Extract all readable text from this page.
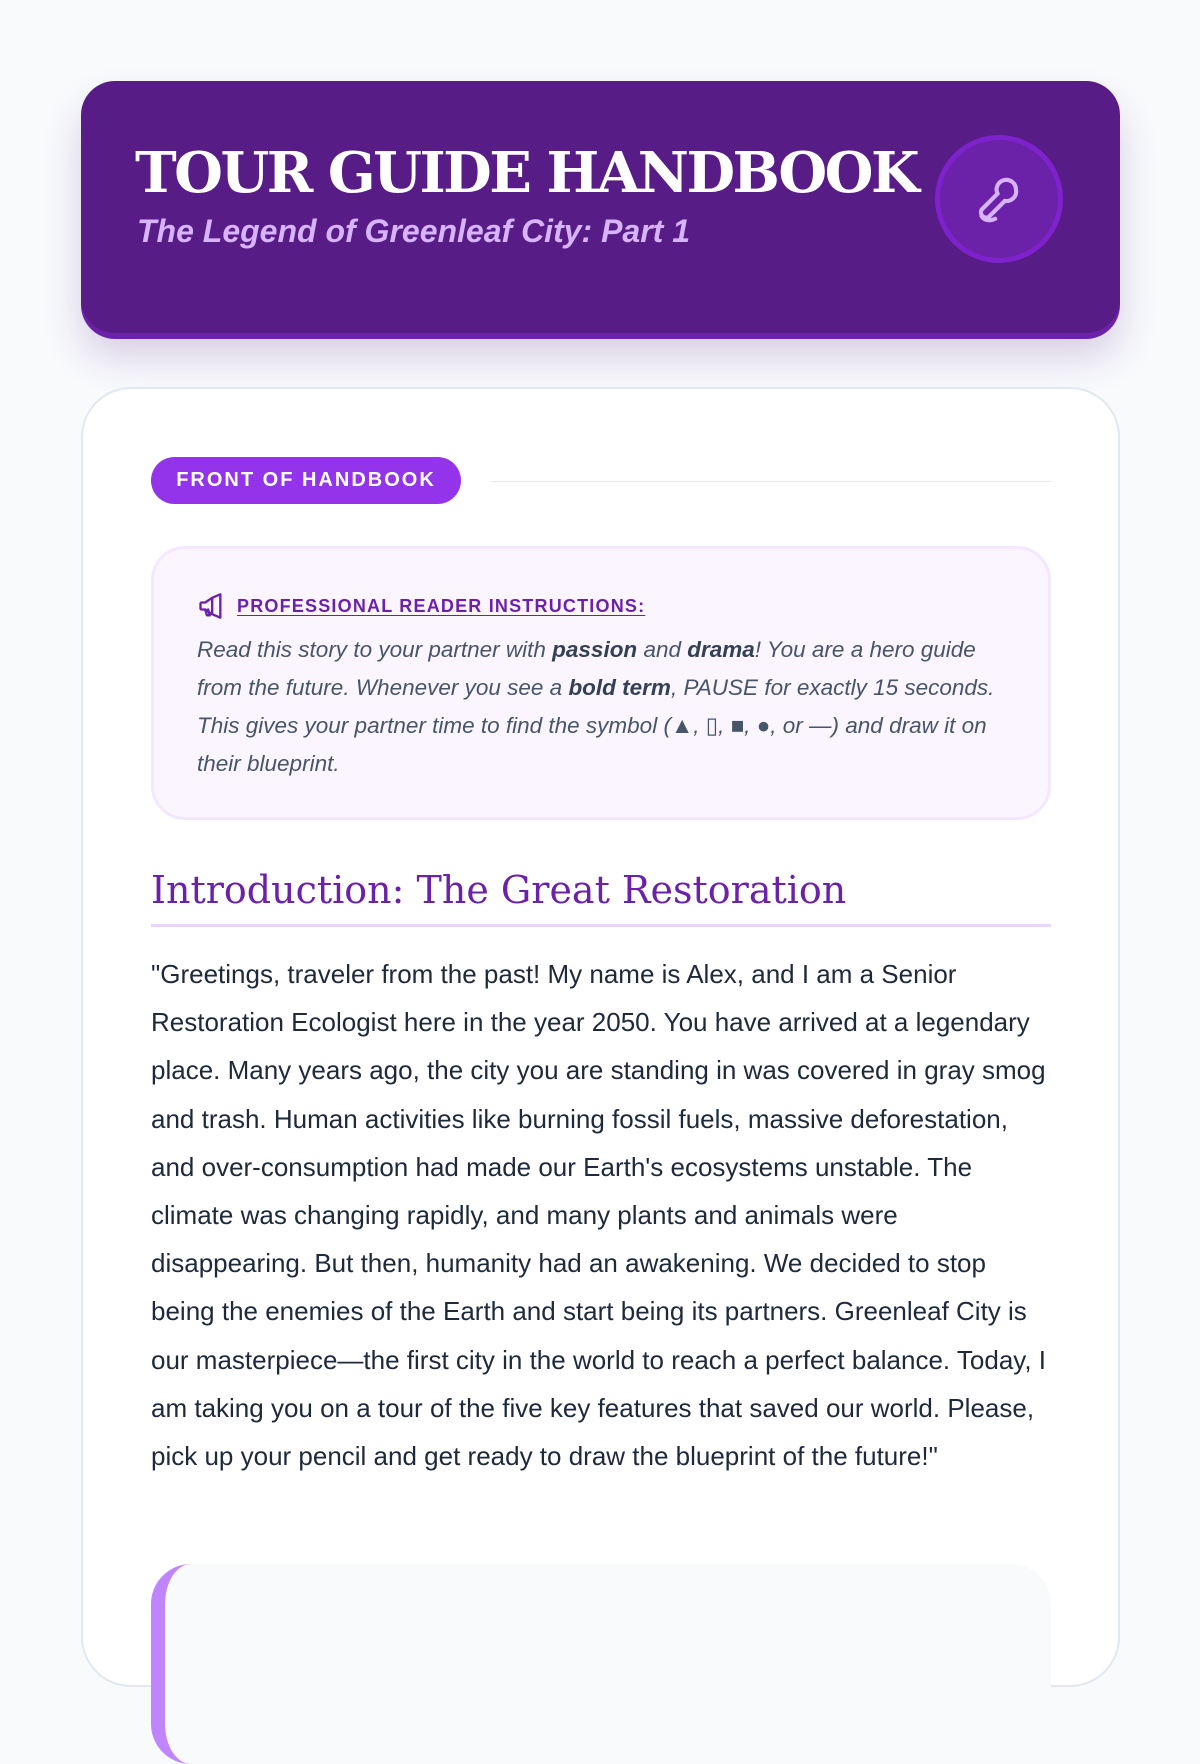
TOUR GUIDE HANDBOOK

The Legend of Greenleaf City: Part 1

FRONT OF HANDBOOK
PROFESSIONAL READER INSTRUCTIONS:

Read this story to your partner with passion and drama! You are a hero guide from the future. Whenever you see a bold term, PAUSE for exactly 15 seconds. This gives your partner time to find the symbol (▲, ▯, ■, ●, or —) and draw it on their blueprint.

Introduction: The Great Restoration

"Greetings, traveler from the past! My name is Alex, and I am a Senior Restoration Ecologist here in the year 2050. You have arrived at a legendary place. Many years ago, the city you are standing in was covered in gray smog and trash. Human activities like burning fossil fuels, massive deforestation, and over-consumption had made our Earth's ecosystems unstable. The climate was changing rapidly, and many plants and animals were disappearing. But then, humanity had an awakening. We decided to stop being the enemies of the Earth and start being its partners. Greenleaf City is our masterpiece—the first city in the world to reach a perfect balance. Today, I am taking you on a tour of the five key features that saved our world. Please, pick up your pencil and get ready to draw the blueprint of the future!"
